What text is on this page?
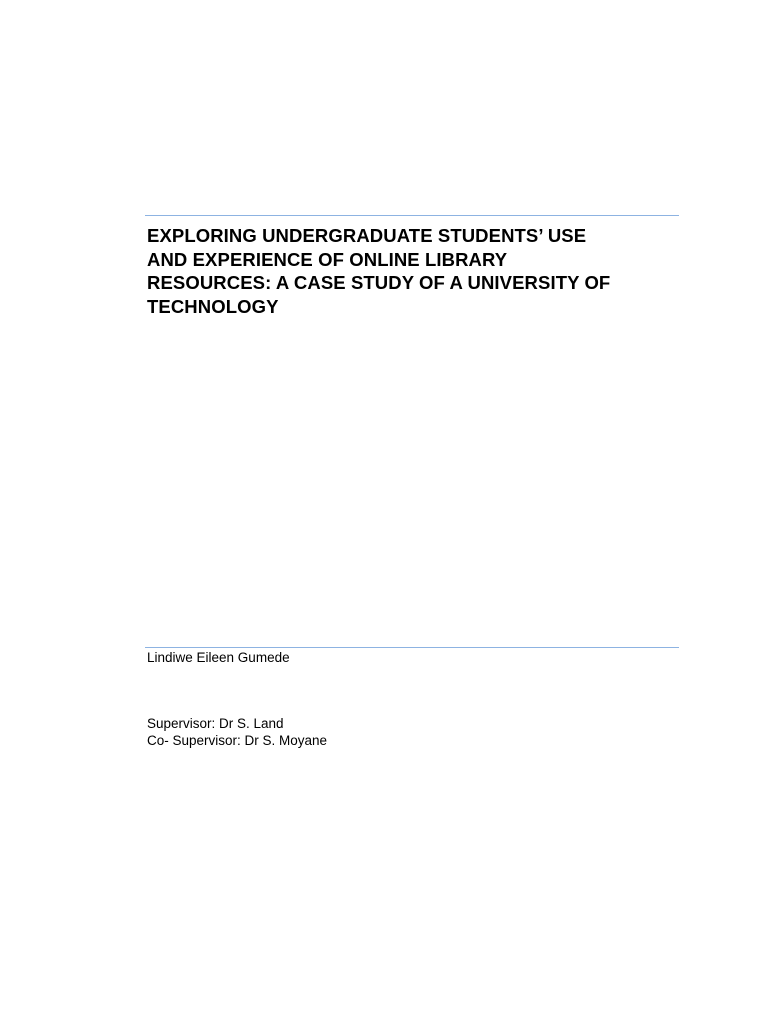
EXPLORING UNDERGRADUATE STUDENTS’ USE
AND EXPERIENCE OF ONLINE LIBRARY
RESOURCES: A CASE STUDY OF A UNIVERSITY OF
TECHNOLOGY
Lindiwe Eileen Gumede
Supervisor: Dr S. Land
Co- Supervisor: Dr S. Moyane
